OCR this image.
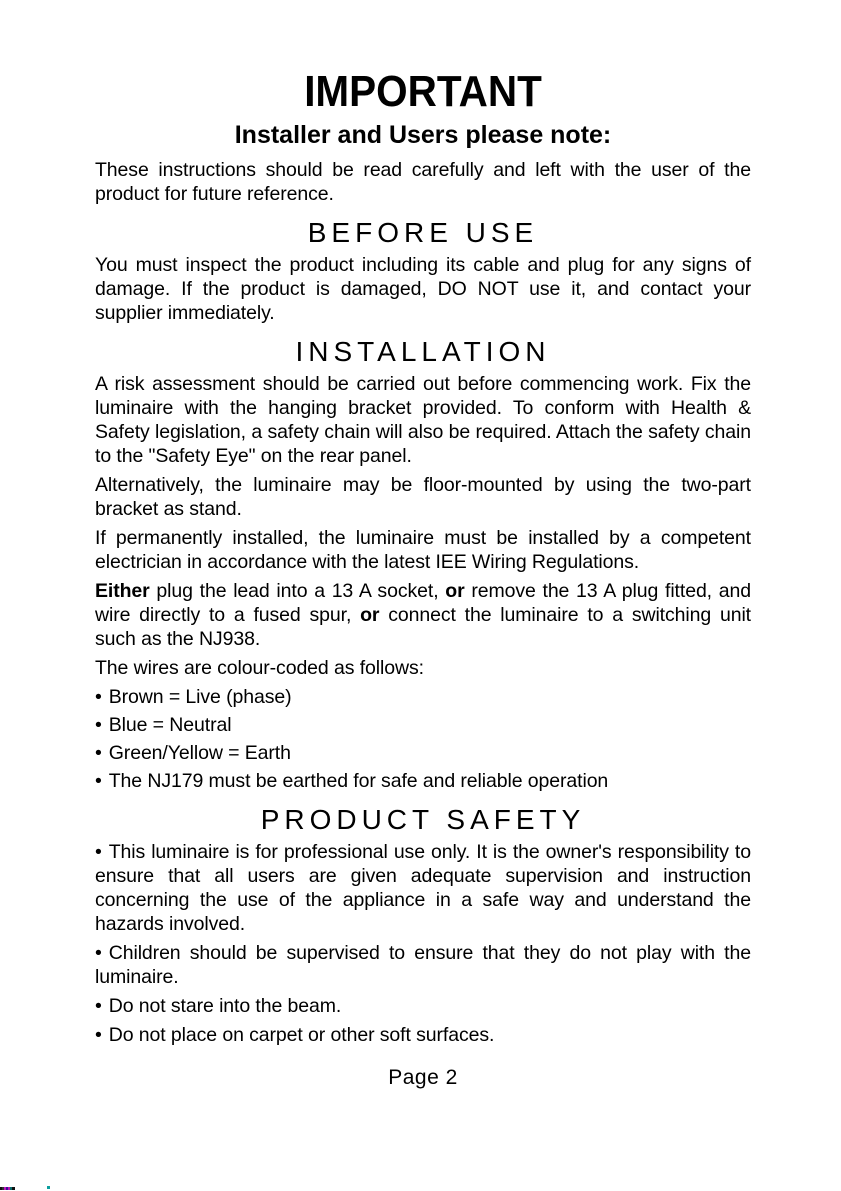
IMPORTANT
Installer and Users please note:

These instructions should be read carefully and left with the user of the product for future reference.

BEFORE USE

You must inspect the product including its cable and plug for any signs of damage. If the product is damaged, DO NOT use it, and contact your supplier immediately.

INSTALLATION

A risk assessment should be carried out before commencing work. Fix the luminaire with the hanging bracket provided. To conform with Health & Safety legislation, a safety chain will also be required. Attach the safety chain to the "Safety Eye" on the rear panel.

Alternatively, the luminaire may be floor-mounted by using the two-part bracket as stand.

If permanently installed, the luminaire must be installed by a competent electrician in accordance with the latest IEE Wiring Regulations.

Either plug the lead into a 13 A socket, or remove the 13 A plug fitted, and wire directly to a fused spur, or connect the luminaire to a switching unit such as the NJ938.

The wires are colour-coded as follows:

• Brown = Live (phase)

• Blue = Neutral

• Green/Yellow = Earth

• The NJ179 must be earthed for safe and reliable operation

PRODUCT SAFETY

• This luminaire is for professional use only. It is the owner's responsibility to ensure that all users are given adequate supervision and instruction concerning the use of the appliance in a safe way and understand the hazards involved.

• Children should be supervised to ensure that they do not play with the luminaire.

• Do not stare into the beam.

• Do not place on carpet or other soft surfaces.

Page 2
